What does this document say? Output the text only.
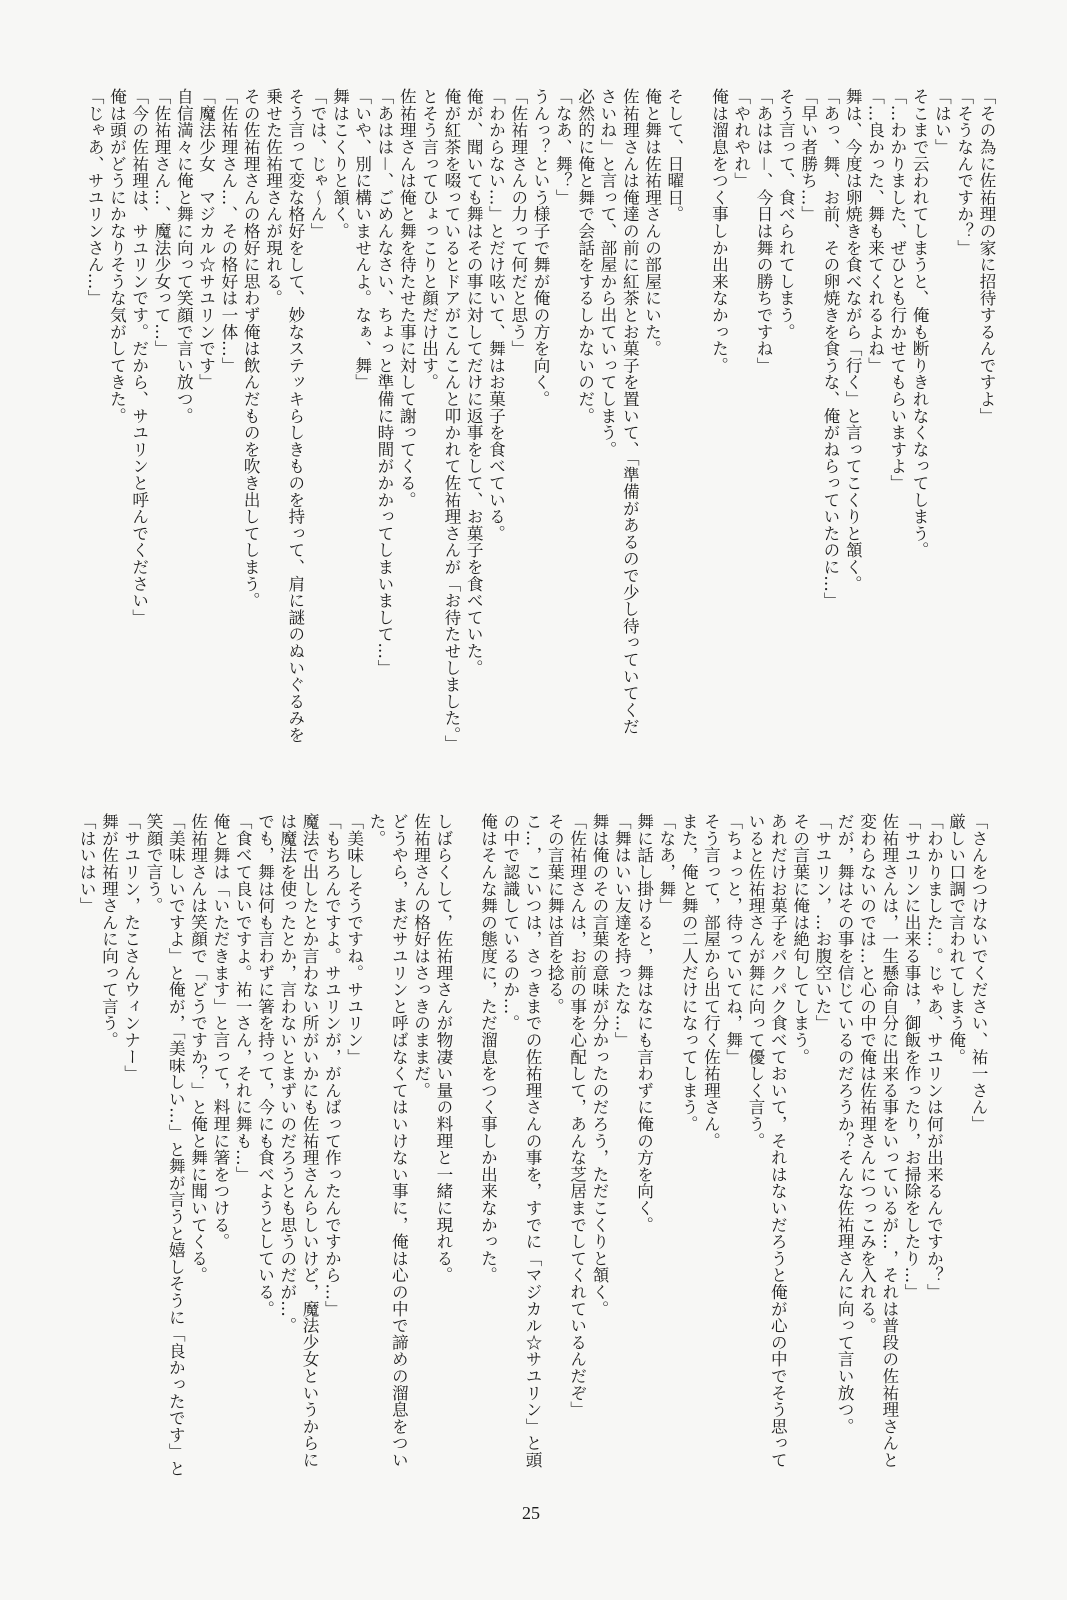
「その為に佐祐理の家に招待するんですよ」
「そうなんですか？」
「はい」
そこまで云われてしまうと、俺も断りきれなくなってしまう。
「…わかりました、ぜひとも行かせてもらいますよ」
「…良かった、舞も来てくれるよね」
舞は、今度は卵焼きを食べながら「行く」と言ってこくりと頷く。
「あっ、舞、お前、その卵焼きを食うな、俺がねらっていたのに…」
「早い者勝ち…」
そう言って、食べられてしまう。
「あはは－、今日は舞の勝ちですね」
「やれやれ」
俺は溜息をつく事しか出来なかった。
そして、日曜日。
俺と舞は佐祐理さんの部屋にいた。
佐祐理さんは俺達の前に紅茶とお菓子を置いて、「準備があるので少し待っていてくだ
さいね」と言って、部屋から出ていってしまう。
必然的に俺と舞で会話をするしかないのだ。
「なあ、舞？」
うんっ？という様子で舞が俺の方を向く。
「佐祐理さんの力って何だと思う」
「わからない…」とだけ呟いて、舞はお菓子を食べている。
俺が、聞いても舞はその事に対してだけに返事をして、お菓子を食べていた。
俺が紅茶を啜っているとドアがこんこんと叩かれて佐祐理さんが「お待たせしました。」
とそう言ってひょっこりと顔だけ出す。
佐祐理さんは俺と舞を待たせた事に対して謝ってくる。
「あはは－、ごめんなさい、ちょっと準備に時間がかかってしまいまして…」
「いや、別に構いませんよ。なぁ、舞」
舞はこくりと頷く。
「では、じゃ～ん」
そう言って変な格好をして、妙なステッキらしきものを持って、肩に謎のぬいぐるみを
乗せた佐祐理さんが現れる。
その佐祐理さんの格好に思わず俺は飲んだものを吹き出してしまう。
「佐祐理さん…、その格好は一体…」
「魔法少女　マジカル☆サユリンです」
自信満々に俺と舞に向って笑顔で言い放つ。
「佐祐理さん…、魔法少女って…」
「今の佐祐理は、サユリンです。だから、サユリンと呼んでください」
俺は頭がどうにかなりそうな気がしてきた。
「じゃあ、サユリンさん…」
「さんをつけないでください、祐一さん」
厳しい口調で言われてしまう俺。
「わかりました…。じゃあ、サユリンは何が出来るんですか？」
「サユリンに出来る事は，御飯を作ったり，お掃除をしたり…」
佐祐理さんは，一生懸命自分に出来る事をいっているが…，それは普段の佐祐理さんと
変わらないのでは…と心の中で俺は佐祐理さんにつっこみを入れる。
だが，舞はその事を信じているのだろうか？そんな佐祐理さんに向って言い放つ。
「サユリン，…お腹空いた」
その言葉に俺は絶句してしまう。
あれだけお菓子をパクパク食べておいて，それはないだろうと俺が心の中でそう思って
いると佐祐理さんが舞に向って優しく言う。
「ちょっと，待っていてね，舞」
そう言って，部屋から出て行く佐祐理さん。
また，俺と舞の二人だけになってしまう。
「なあ，舞」
舞に話し掛けると，舞はなにも言わずに俺の方を向く。
「舞はいい友達を持ったな…」
舞は俺のその言葉の意味が分かったのだろう，ただこくりと頷く。
「佐祐理さんは，お前の事を心配して，あんな芝居までしてくれているんだぞ」
その言葉に舞は首を捻る。
こ…，こいつは，さっきまでの佐祐理さんの事を，すでに「マジカル☆サユリン」と頭
の中で認識しているのか…。
俺はそんな舞の態度に，ただ溜息をつく事しか出来なかった。
しばらくして，佐祐理さんが物凄い量の料理と一緒に現れる。
佐祐理さんの格好はさっきのままだ。
どうやら，まだサユリンと呼ばなくてはいけない事に，俺は心の中で諦めの溜息をつい
た。
「美味しそうですね。サユリン」
「もちろんですよ。サユリンが，がんばって作ったんですから…」
魔法で出したとか言わない所がいかにも佐祐理さんらしいけど，魔法少女というからに
は魔法を使ったとか，言わないとまずいのだろうとも思うのだが…。
でも，舞は何も言わずに箸を持って，今にも食べようとしている。
「食べて良いですよ。祐一さん，それに舞も…」
俺と舞は「いただきます」と言って，料理に箸をつける。
佐祐理さんは笑顔で「どうですか？」と俺と舞に聞いてくる。
「美味しいですよ」と俺が，「美味しい…」と舞が言うと嬉しそうに「良かったです」と
笑顔で言う。
「サユリン，たこさんウィンナー」
舞が佐祐理さんに向って言う。
「はいはい」
25
